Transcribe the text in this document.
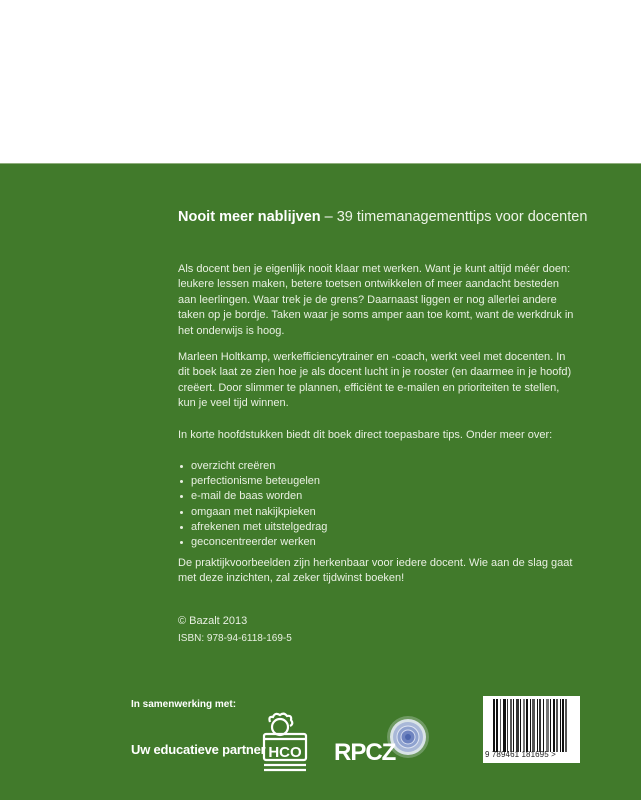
Nooit meer nablijven – 39 timemanagementtips voor docenten

Als docent ben je eigenlijk nooit klaar met werken. Want je kunt altijd méér doen: leukere lessen maken, betere toetsen ontwikkelen of meer aandacht besteden aan leerlingen. Waar trek je de grens? Daarnaast liggen er nog allerlei andere taken op je bordje. Taken waar je soms amper aan toe komt, want de werkdruk in het onderwijs is hoog.

Marleen Holtkamp, werkefficiencytrainer en -coach, werkt veel met docenten. In dit boek laat ze zien hoe je als docent lucht in je rooster (en daarmee in je hoofd) creëert. Door slimmer te plannen, efficiënt te e-mailen en prioriteiten te stellen, kun je veel tijd winnen.

In korte hoofdstukken biedt dit boek direct toepasbare tips. Onder meer over:

overzicht creëren
perfectionisme beteugelen
e-mail de baas worden
omgaan met nakijkpieken
afrekenen met uitstelgedrag
geconcentreerder werken

De praktijkvoorbeelden zijn herkenbaar voor iedere docent. Wie aan de slag gaat met deze inzichten, zal zeker tijdwinst boeken!

© Bazalt 2013

ISBN: 978-94-6118-169-5

In samenwerking met:
Uw educatieve partner HCO RPCZ	9 789461 181695 >
